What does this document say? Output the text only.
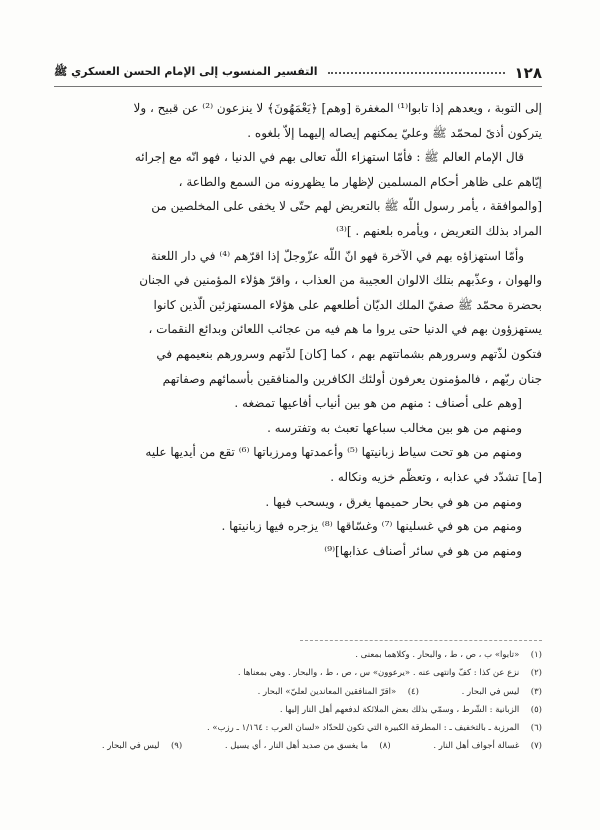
١٢٨
التفسير المنسوب إلى الإمام الحسن العسكري ﷺ

إلى التوبة ، ويعدهم إذا تابوا⁽¹⁾ المغفرة [وهم] ﴿يَعْمَهُونَ﴾ لا ينزعون ⁽²⁾ عن قبيح ، ولا

يتركون أذىً لمحمّد ﷺ وعليّ يمكنهم إيصاله إليهما إلاّ بلغوه .

قال الإمام العالم ﷺ : فأمّا استهزاء اللّه تعالى بهم في الدنيا ، فهو انّه مع إجرائه

إيّاهم على ظاهر أحكام المسلمين لإظهار ما يظهرونه من السمع والطاعة ،

[والموافقة ، يأمر رسول اللّه ﷺ بالتعريض لهم حتّى لا يخفى على المخلصين من

المراد بذلك التعريض ، ويأمره بلعنهم . ]⁽³⁾

وأمّا استهزاؤه بهم في الآخرة فهو انّ اللّه عزّوجلّ إذا اقرّهم ⁽⁴⁾ في دار اللعنة

والهوان ، وعذّبهم بتلك الالوان العجيبة من العذاب ، واقرّ هؤلاء المؤمنين في الجنان

بحضرة محمّد ﷺ صفيّ الملك الديّان أطلعهم على هؤلاء المستهزئين الّذين كانوا

يستهزؤون بهم في الدنيا حتى يروا ما هم فيه من عجائب اللعائن وبدائع النقمات ،

فتكون لذّتهم وسرورهم بشماتتهم بهم ، كما [كان] لذّتهم وسرورهم بنعيمهم في

جنان ربّهم ، فالمؤمنون يعرفون أولئك الكافرين والمنافقين بأسمائهم وصفاتهم

[وهم على أصناف : منهم من هو بين أنياب أفاعيها تمضغه .

ومنهم من هو بين مخالب سباعها تعبث به وتفترسه .

ومنهم من هو تحت سياط زبانيتها ⁽⁵⁾ وأعمدتها ومرزباتها ⁽⁶⁾ تقع من أيديها عليه

[ما] تشدّد في عذابه ، وتعظّم خزيه ونكاله .

ومنهم من هو في بحار حميمها يغرق ، ويسحب فيها .

ومنهم من هو في غسلينها ⁽⁷⁾ وغسّاقها ⁽⁸⁾ يزجره فيها زبانيتها .

ومنهم من هو في سائر أصناف عذابها]⁽⁹⁾

(١) «تابوا» ب ، ص ، ط ، والبحار . وكلاهما بمعنى .
(٢) نزع عن كذا : كفّ وانتهى عنه . «يرعوون» س ، ص ، ط ، والبحار . وهي بمعناها .
(٣) ليس في البحار . (٤) «اقرّ المنافقين المعاندين لعليّ» البحار .
(٥) الزبانية : الشّرط ، وسمّي بذلك بعض الملائكة لدفعهم أهل النار إليها .
(٦) المرزبة ـ بالتخفيف ـ : المطرقة الكبيرة التي تكون للحدّاد «لسان العرب : ١/١٦٤ ـ رزب» .
(٧) غسالة أجواف أهل النار . (٨) ما يغسق من صديد أهل النار ، أي يسيل . (٩) ليس في البحار .
